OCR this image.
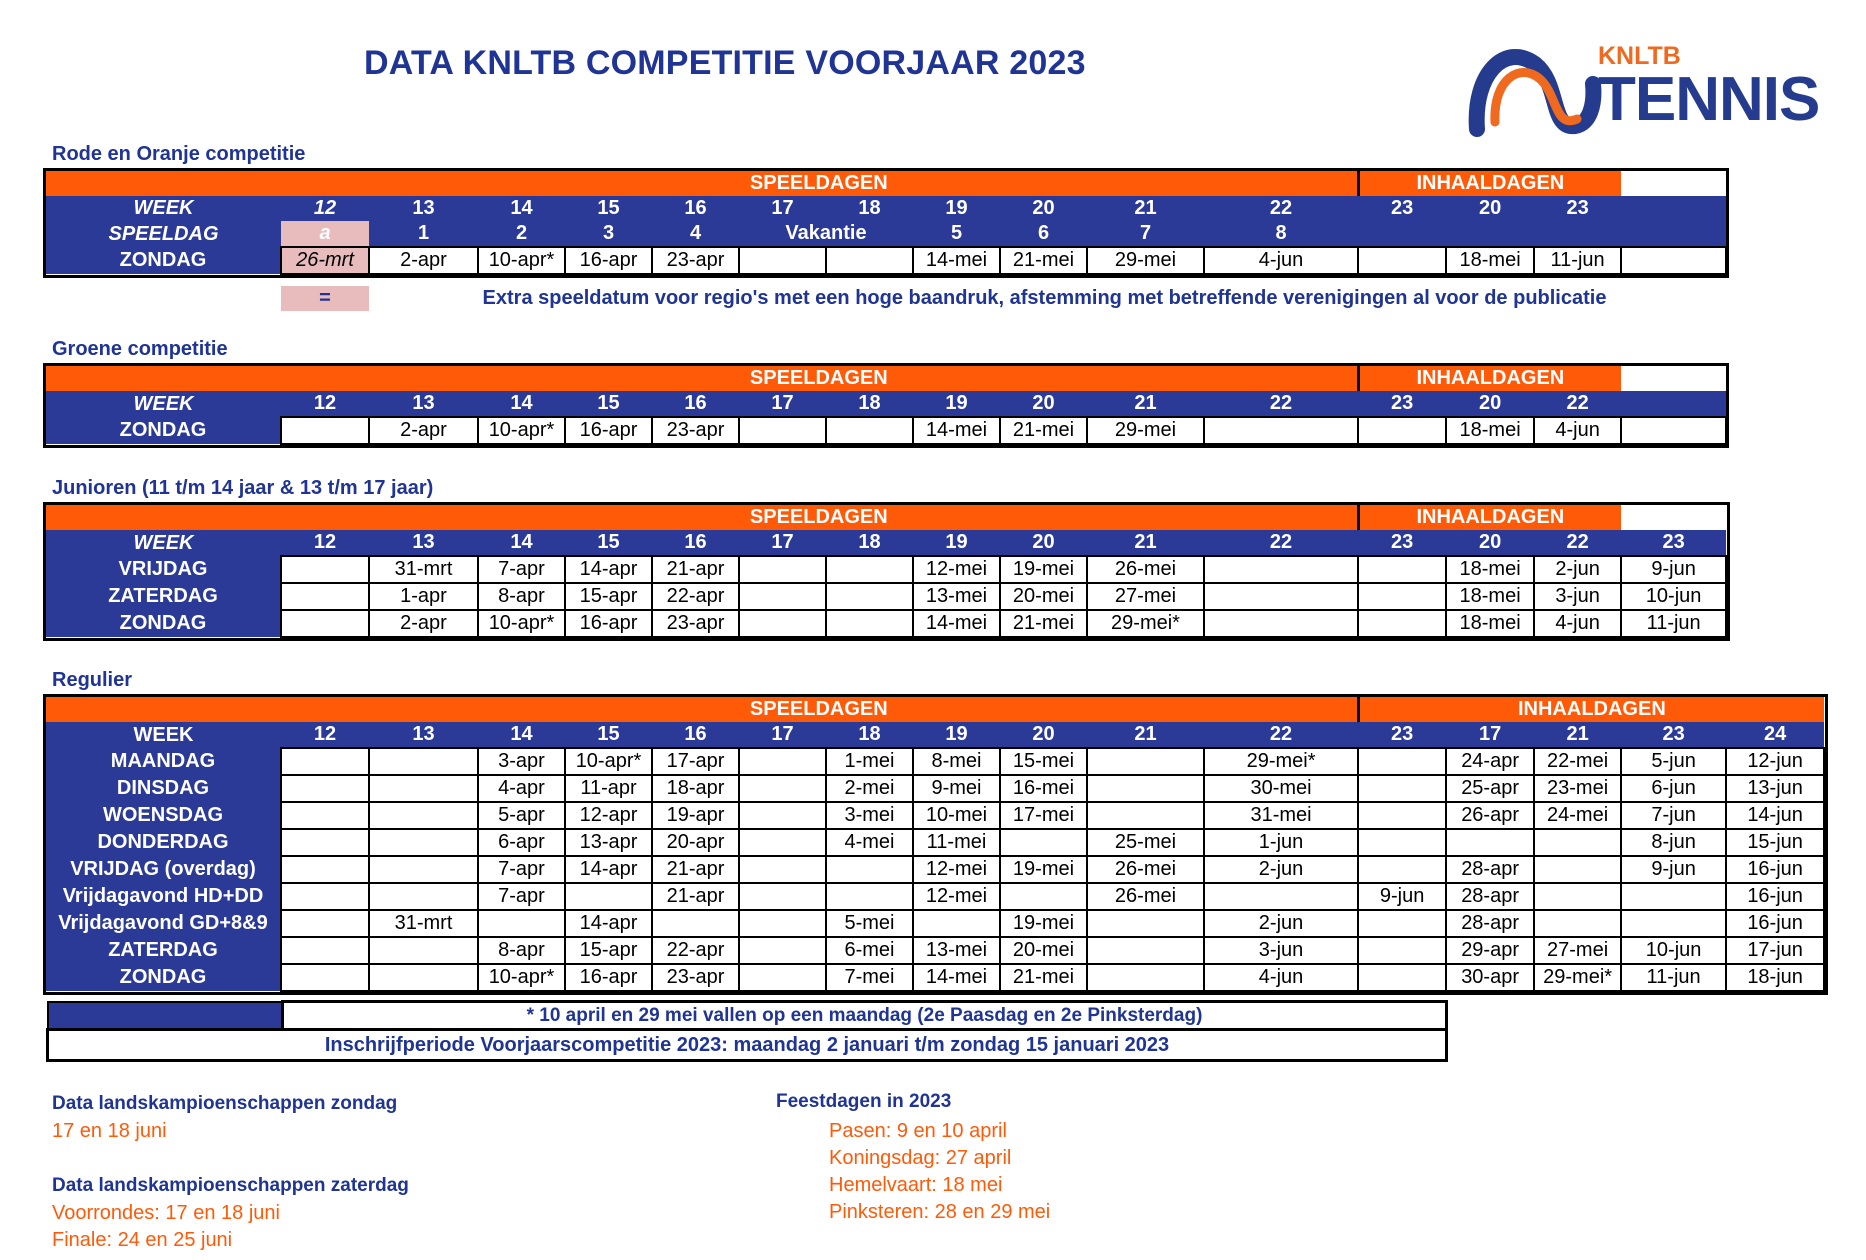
DATA KNLTB COMPETITIE VOORJAAR 2023	KNLTB
TENNIS
Rode en Oranje competitie
	SPEELDAGEN											INHAALDAGEN				
WEEK	12	13	14	15	16	17	18	19	20	21	22	23	20	23		
SPEELDAG	a	1	2	3	4	Vakantie		5	6	7	8					
ZONDAG	26-mrt	2-apr	10-apr*	16-apr	23-apr			14-mei	21-mei	29-mei	4-jun		18-mei	11-jun		
	=	Extra speeldatum voor regio's met een hoge baandruk, afstemming met betreffende verenigingen al voor de publicatie
Groene competitie
	SPEELDAGEN											INHAALDAGEN				
WEEK	12	13	14	15	16	17	18	19	20	21	22	23	20	22		
ZONDAG		2-apr	10-apr*	16-apr	23-apr			14-mei	21-mei	29-mei			18-mei	4-jun		
Junioren (11 t/m 14 jaar & 13 t/m 17 jaar)
	SPEELDAGEN											INHAALDAGEN			
WEEK	12	13	14	15	16	17	18	19	20	21	22	23	20	22	23
VRIJDAG		31-mrt	7-apr	14-apr	21-apr			12-mei	19-mei	26-mei			18-mei	2-jun	9-jun
ZATERDAG		1-apr	8-apr	15-apr	22-apr			13-mei	20-mei	27-mei			18-mei	3-jun	10-jun
ZONDAG		2-apr	10-apr*	16-apr	23-apr			14-mei	21-mei	29-mei*			18-mei	4-jun	11-jun
Regulier
	SPEELDAGEN											INHAALDAGEN				
WEEK	12	13	14	15	16	17	18	19	20	21	22	23	17	21	23	24
MAANDAG			3-apr	10-apr*	17-apr		1-mei	8-mei	15-mei		29-mei*		24-apr	22-mei	5-jun	12-jun
DINSDAG			4-apr	11-apr	18-apr		2-mei	9-mei	16-mei		30-mei		25-apr	23-mei	6-jun	13-jun
WOENSDAG			5-apr	12-apr	19-apr		3-mei	10-mei	17-mei		31-mei		26-apr	24-mei	7-jun	14-jun
DONDERDAG			6-apr	13-apr	20-apr		4-mei	11-mei		25-mei	1-jun				8-jun	15-jun
VRIJDAG (overdag)			7-apr	14-apr	21-apr			12-mei	19-mei	26-mei	2-jun		28-apr		9-jun	16-jun
Vrijdagavond HD+DD			7-apr		21-apr			12-mei		26-mei		9-jun	28-apr			16-jun
Vrijdagavond GD+8&9		31-mrt		14-apr			5-mei		19-mei		2-jun		28-apr			16-jun
ZATERDAG			8-apr	15-apr	22-apr		6-mei	13-mei	20-mei		3-jun		29-apr	27-mei	10-jun	17-jun
ZONDAG			10-apr*	16-apr	23-apr		7-mei	14-mei	21-mei		4-jun		30-apr	29-mei*	11-jun	18-jun
	* 10 april en 29 mei vallen op een maandag (2e Paasdag en 2e Pinksterdag)
Inschrijfperiode Voorjaarscompetitie 2023: maandag 2 januari t/m zondag 15 januari 2023
Data landskampioenschappen zondag
17 en 18 juni
Data landskampioenschappen zaterdag
Voorrondes: 17 en 18 juni
Finale: 24 en 25 juni
Feestdagen in 2023
Pasen: 9 en 10 april
Koningsdag: 27 april
Hemelvaart: 18 mei
Pinksteren: 28 en 29 mei
